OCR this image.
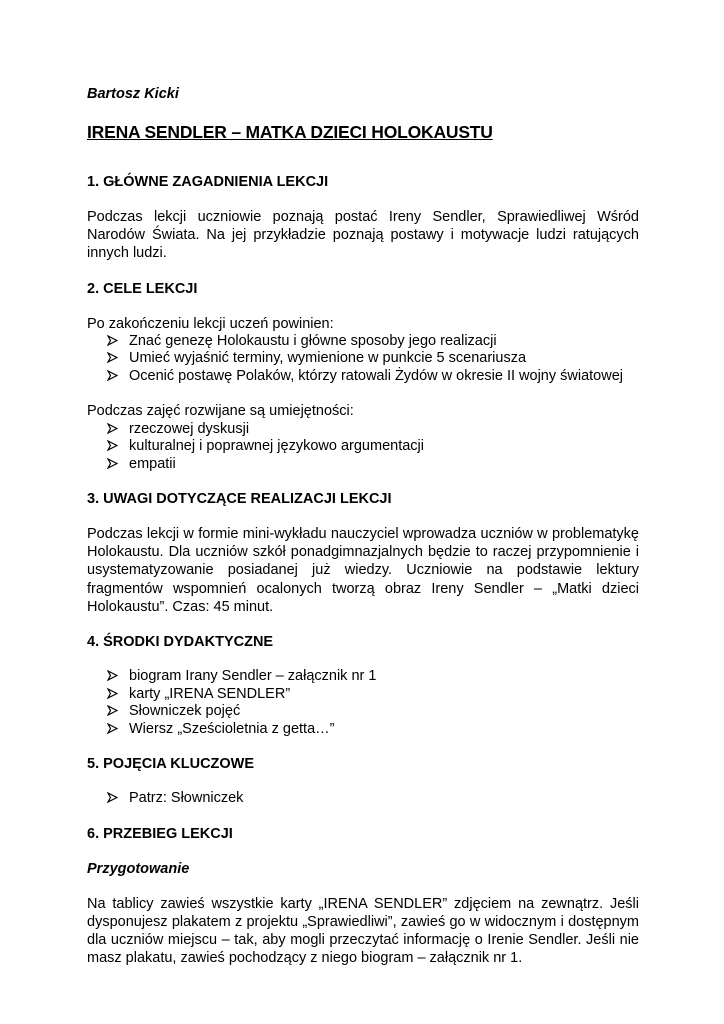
Bartosz Kicki

IRENA SENDLER – MATKA DZIECI HOLOKAUSTU

1. GŁÓWNE ZAGADNIENIA LEKCJI

Podczas lekcji uczniowie poznają postać Ireny Sendler, Sprawiedliwej Wśród Narodów Świata. Na jej przykładzie poznają postawy i motywacje ludzi ratujących innych ludzi.

2. CELE LEKCJI

Po zakończeniu lekcji uczeń powinien:

Znać genezę Holokaustu i główne sposoby jego realizacji
Umieć wyjaśnić terminy, wymienione w punkcie 5 scenariusza
Ocenić postawę Polaków, którzy ratowali Żydów w okresie II wojny światowej

Podczas zajęć rozwijane są umiejętności:

rzeczowej dyskusji
kulturalnej i poprawnej językowo argumentacji
empatii

3. UWAGI DOTYCZĄCE REALIZACJI LEKCJI

Podczas lekcji w formie mini-wykładu nauczyciel wprowadza uczniów w problematykę Holokaustu. Dla uczniów szkół ponadgimnazjalnych będzie to raczej przypomnienie i usystematyzowanie posiadanej już wiedzy. Uczniowie na podstawie lektury fragmentów wspomnień ocalonych tworzą obraz Ireny Sendler – „Matki dzieci Holokaustu”. Czas: 45 minut.

4. ŚRODKI DYDAKTYCZNE

biogram Irany Sendler – załącznik nr 1
karty „IRENA SENDLER”
Słowniczek pojęć
Wiersz „Sześcioletnia z getta…”

5. POJĘCIA KLUCZOWE

Patrz: Słowniczek

6. PRZEBIEG LEKCJI

Przygotowanie

Na tablicy zawieś wszystkie karty „IRENA SENDLER” zdjęciem na zewnątrz. Jeśli dysponujesz plakatem z projektu „Sprawiedliwi”, zawieś go w widocznym i dostępnym dla uczniów miejscu – tak, aby mogli przeczytać informację o Irenie Sendler. Jeśli nie masz plakatu, zawieś pochodzący z niego biogram – załącznik nr 1.
